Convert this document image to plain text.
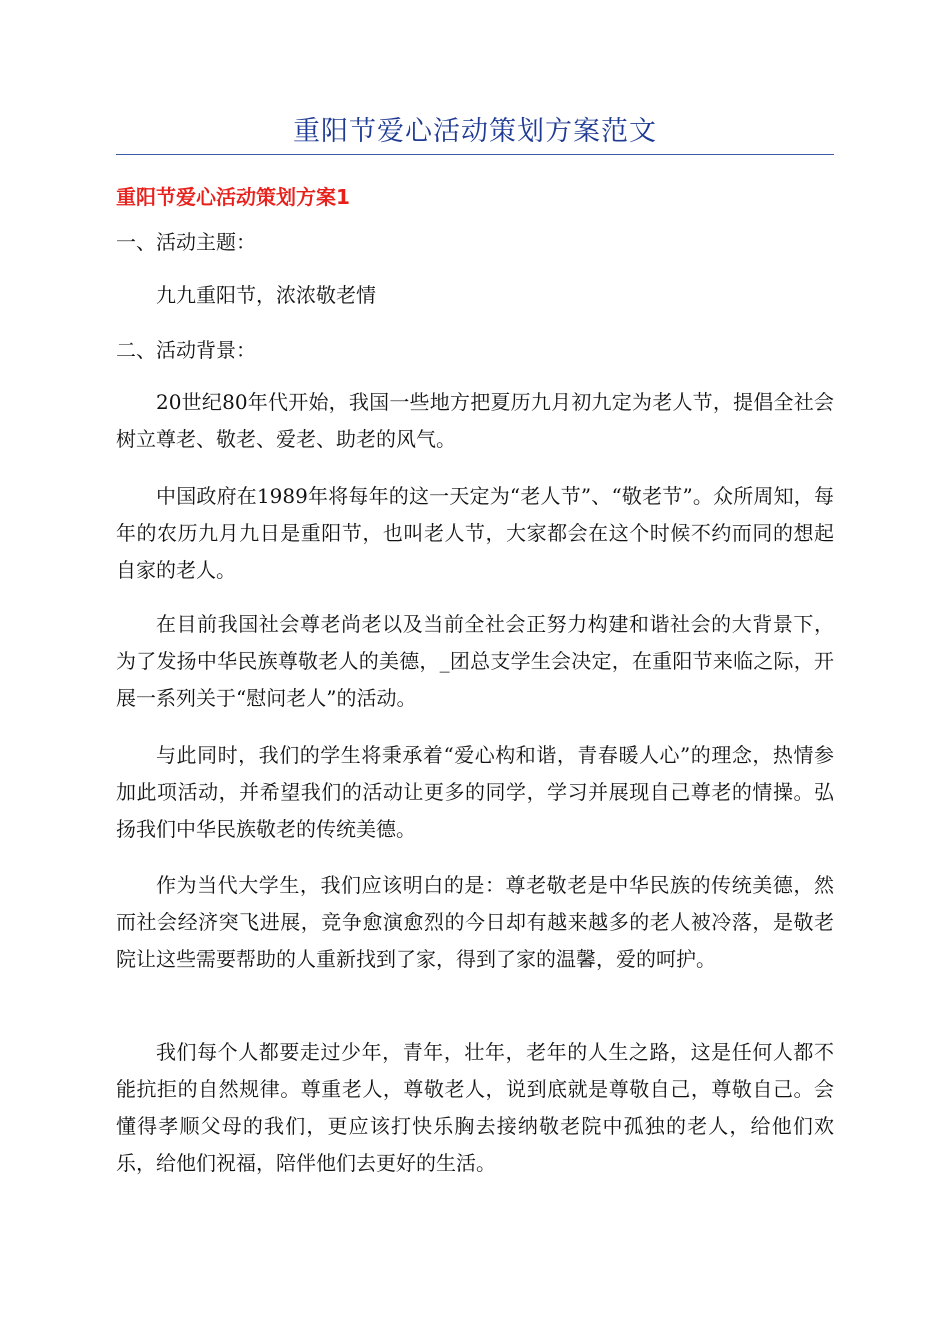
重阳节爱心活动策划方案范文
重阳节爱心活动策划方案1
一、活动主题：

九九重阳节，浓浓敬老情

二、活动背景：

20世纪80年代开始，我国一些地方把夏历九月初九定为老人节，提倡全社会树立尊老、敬老、爱老、助老的风气。

中国政府在1989年将每年的这一天定为“老人节”、“敬老节”。众所周知，每年的农历九月九日是重阳节，也叫老人节，大家都会在这个时候不约而同的想起自家的老人。

在目前我国社会尊老尚老以及当前全社会正努力构建和谐社会的大背景下，为了发扬中华民族尊敬老人的美德，_团总支学生会决定，在重阳节来临之际，开展一系列关于“慰问老人”的活动。

与此同时，我们的学生将秉承着“爱心构和谐，青春暖人心”的理念，热情参加此项活动，并希望我们的活动让更多的同学，学习并展现自己尊老的情操。弘扬我们中华民族敬老的传统美德。

作为当代大学生，我们应该明白的是：尊老敬老是中华民族的传统美德，然而社会经济突飞进展，竞争愈演愈烈的今日却有越来越多的老人被冷落，是敬老院让这些需要帮助的人重新找到了家，得到了家的温馨，爱的呵护。

我们每个人都要走过少年，青年，壮年，老年的人生之路，这是任何人都不能抗拒的自然规律。尊重老人，尊敬老人，说到底就是尊敬自己，尊敬自己。会懂得孝顺父母的我们，更应该打快乐胸去接纳敬老院中孤独的老人，给他们欢乐，给他们祝福，陪伴他们去更好的生活。
